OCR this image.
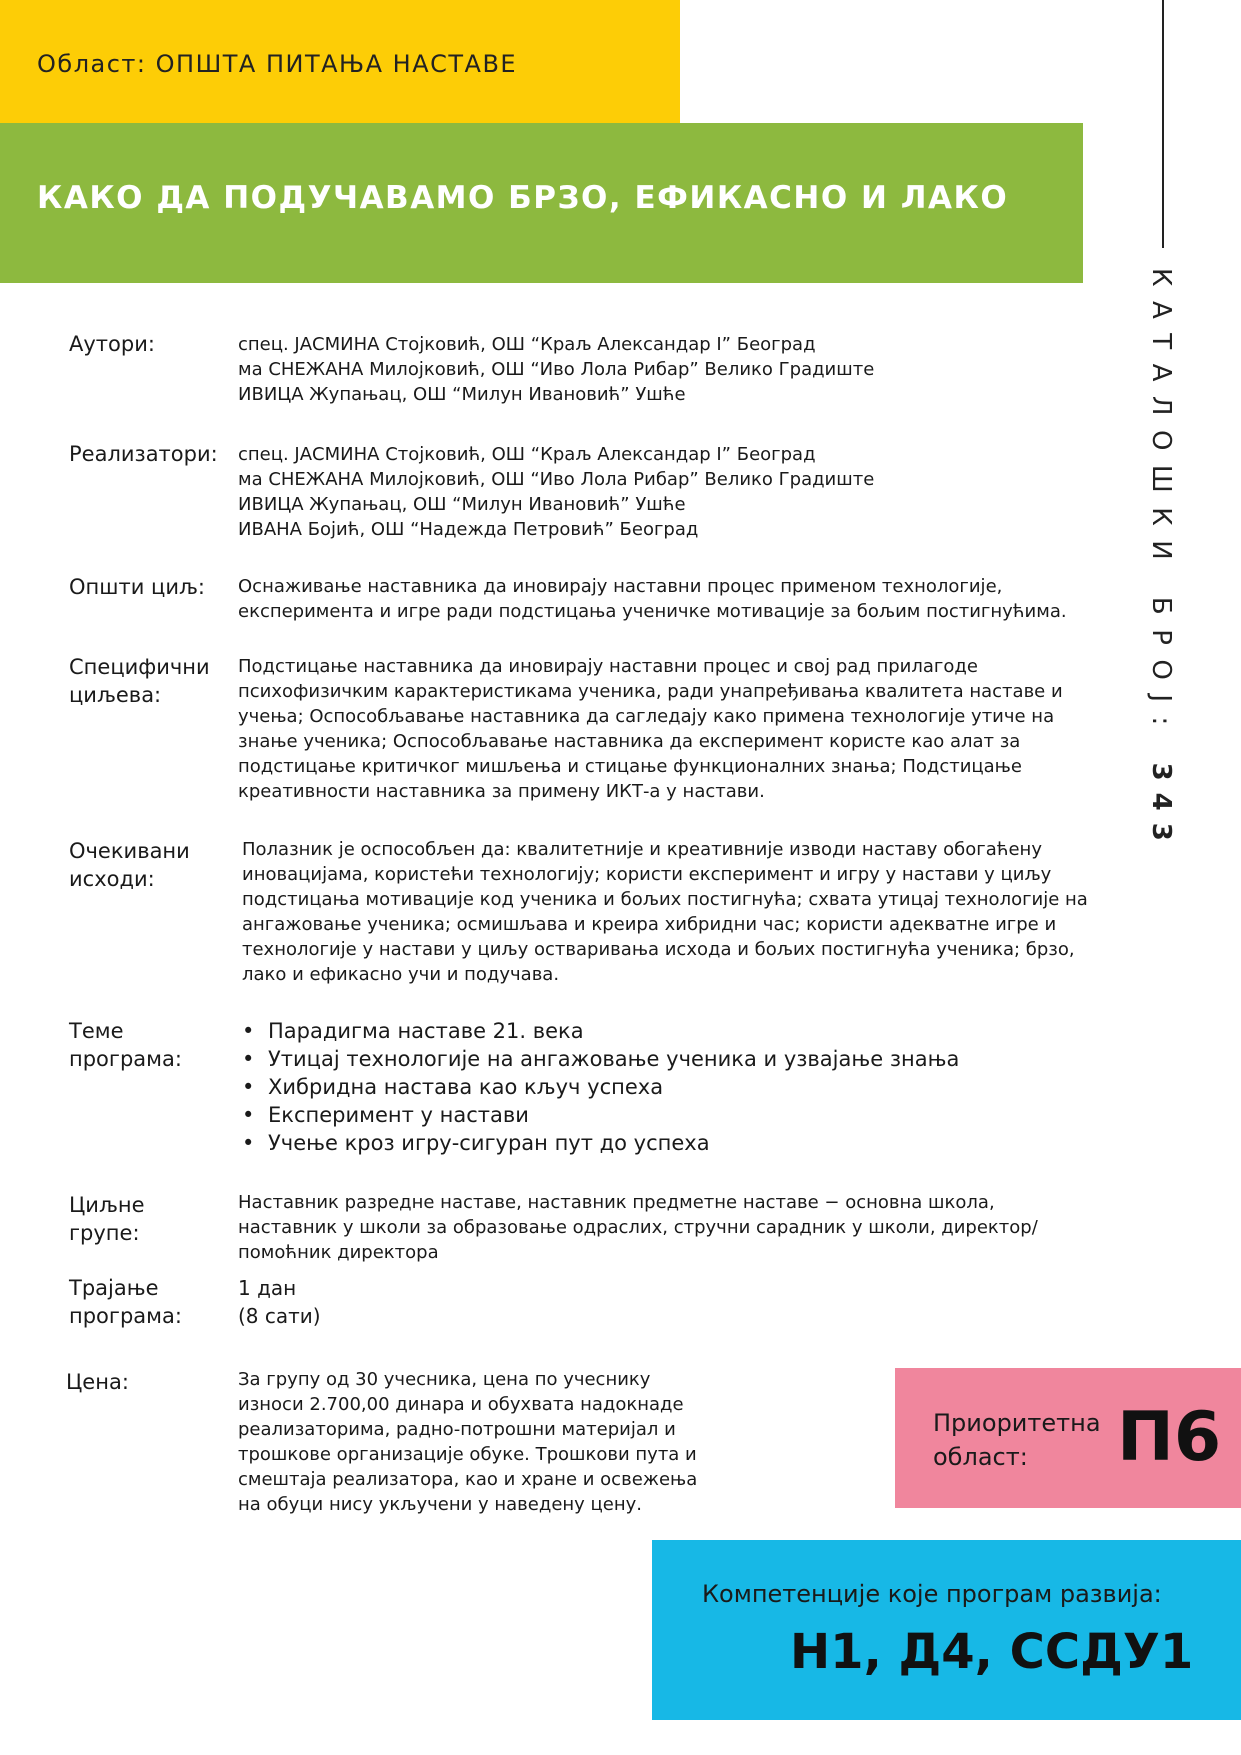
Област: ОПШТА ПИТАЊА НАСТАВЕ
КАКО ДА ПОДУЧАВАМО БРЗО, ЕФИКАСНО И ЛАКО
КАТАЛОШКИ БРОЈ: 343
Аутори:	спец. ЈАСМИНА Стојковић, ОШ “Краљ Александар I” Београд
ма СНЕЖАНА Милојковић, ОШ “Иво Лола Рибар” Велико Градиште
ИВИЦА Жупањац, ОШ “Милун Ивановић” Ушће
Реализатори: спец. ЈАСМИНА Стојковић, ОШ “Краљ Александар I” Београд
ма СНЕЖАНА Милојковић, ОШ “Иво Лола Рибар” Велико Градиште
ИВИЦА Жупањац, ОШ “Милун Ивановић” Ушће
ИВАНА Бојић, ОШ “Надежда Петровић” Београд
Општи циљ:	Оснаживање наставника да иновирају наставни процес применом технологије, експеримента и игре ради подстицања ученичке мотивације за бољим постигнућима.

Специфични
циљева:

Подстицање наставника да иновирају наставни процес и свој рад прилагоде психофизичким карактеристикама ученика, ради унапређивања квалитета наставе и учења; Оспособљавање наставника да сагледају како примена технологије утиче на знање ученика; Оспособљавање наставника да експеримент користе као алат за подстицање критичког мишљења и стицање функционалних знања; Подстицање креативности наставника за примену ИКТ-а у настави.

Очекивани
исходи:

Полазник је оспособљен да: квалитетније и креативније изводи наставу обогаћену иновацијама, користећи технологију; користи експеримент и игру у настави у циљу подстицања мотивације код ученика и бољих постигнућа; схвата утицај технологије на ангажовање ученика; осмишљава и креира хибридни час; користи адекватне игре и технологије у настави у циљу остваривања исхода и бољих постигнућа ученика; брзо, лако и ефикасно учи и подучава.

Теме
програма:
• Парадигма наставе 21. века
• Утицај технологије на ангажовање ученика и узвајање знања
• Хибридна настава као кључ успеха
• Експеримент у настави
• Учење кроз игру-сигуран пут до успеха
Циљне
групе:

Наставник разредне наставе, наставник предметне наставе − основна школа, наставник у школи за образовање одраслих, стручни сарадник у школи, директор/помоћник директора

Трајање
програма:
1 дан
(8 сати)
Цена:	За групу од 30 учесника, цена по учеснику износи 2.700,00 динара и обухвата надокнаде реализаторима, радно-потрошни материјал и трошкове организације обуке. Трошкови пута и смештаја реализатора, као и хране и освежења на обуци нису укључени у наведену цену.

Приоритетна
област:	П6
Компетенције које програм развија:
Н1, Д4, ССДУ1
